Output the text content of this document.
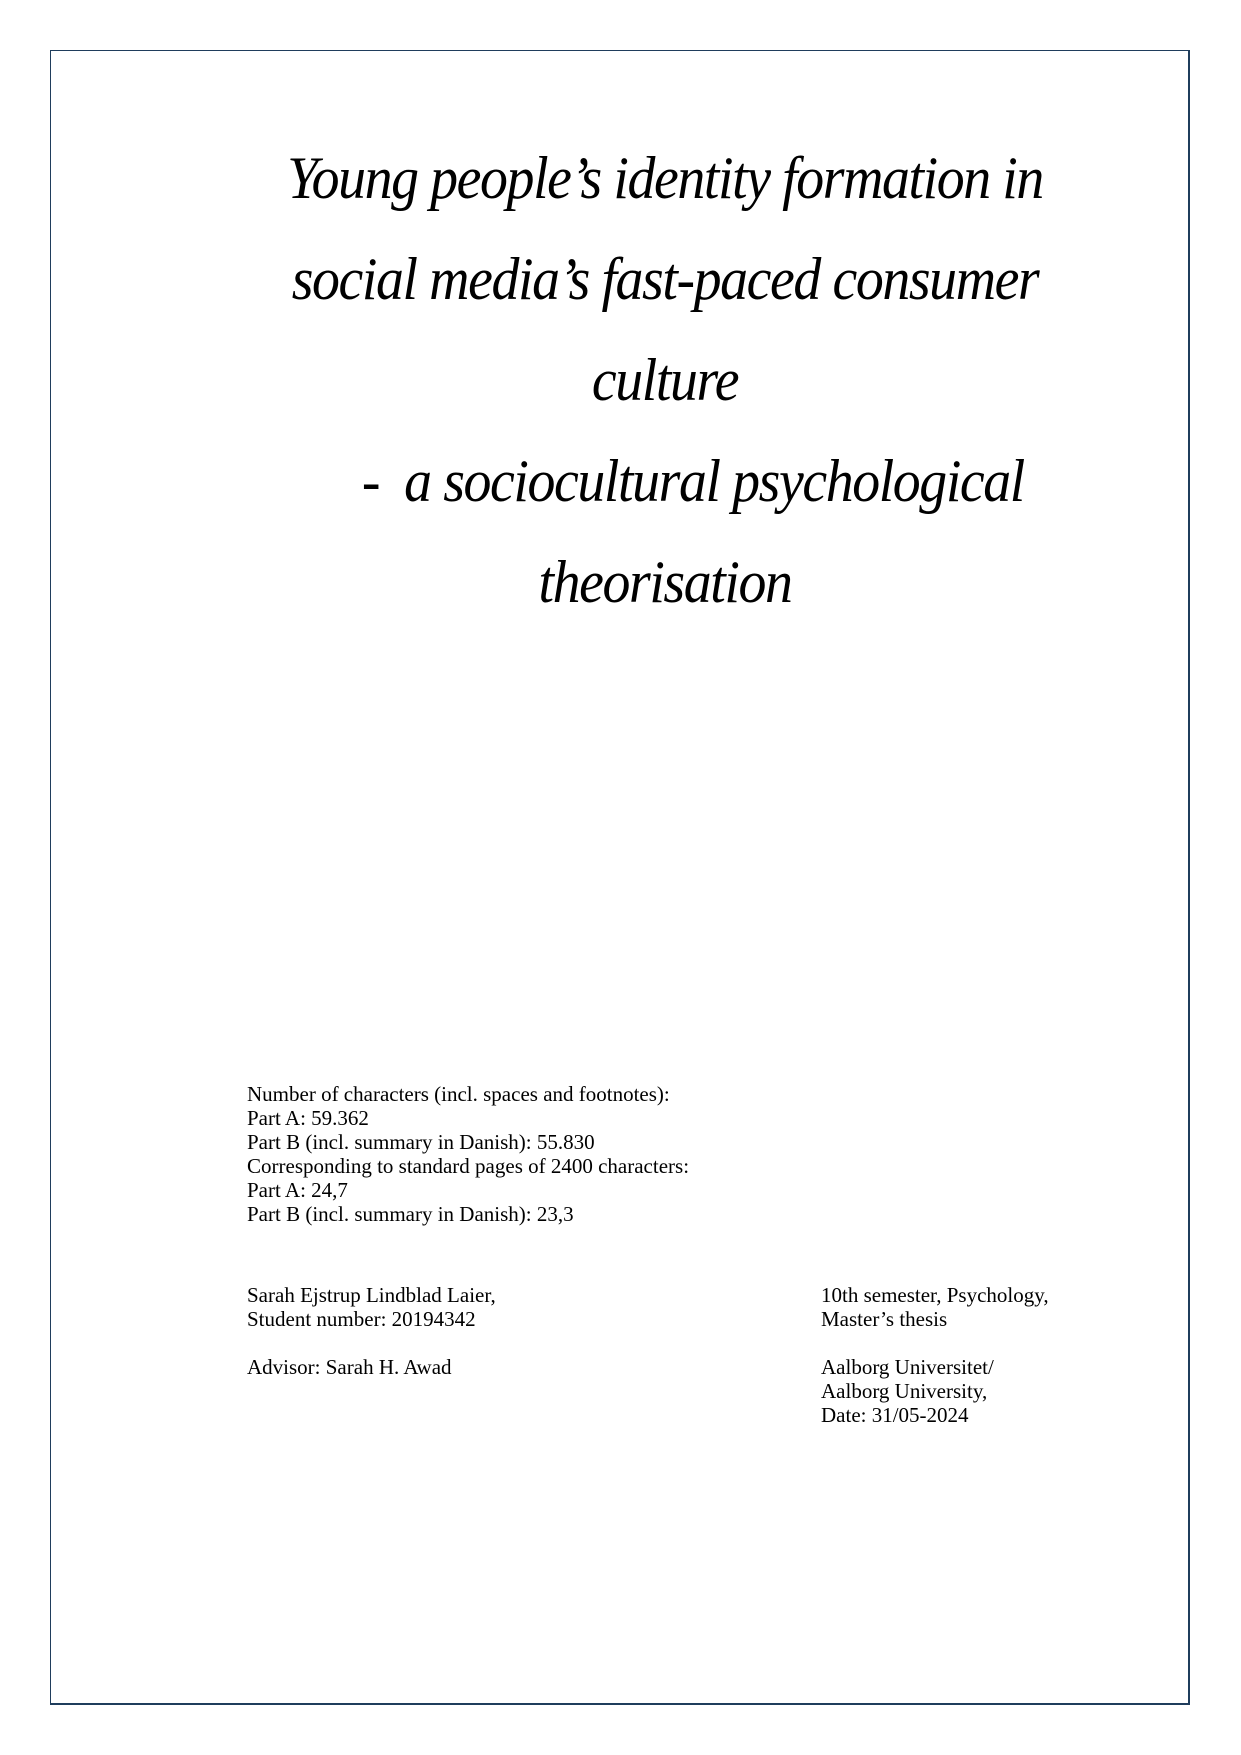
Young people’s identity formation in
social media’s fast-paced consumer
culture
- a sociocultural psychological
theorisation
Number of characters (incl. spaces and footnotes):
Part A: 59.362
Part B (incl. summary in Danish): 55.830
Corresponding to standard pages of 2400 characters:
Part A: 24,7
Part B (incl. summary in Danish): 23,3
Sarah Ejstrup Lindblad Laier,
Student number: 20194342
Advisor: Sarah H. Awad
10th semester, Psychology,
Master’s thesis
Aalborg Universitet/
Aalborg University,
Date: 31/05-2024
